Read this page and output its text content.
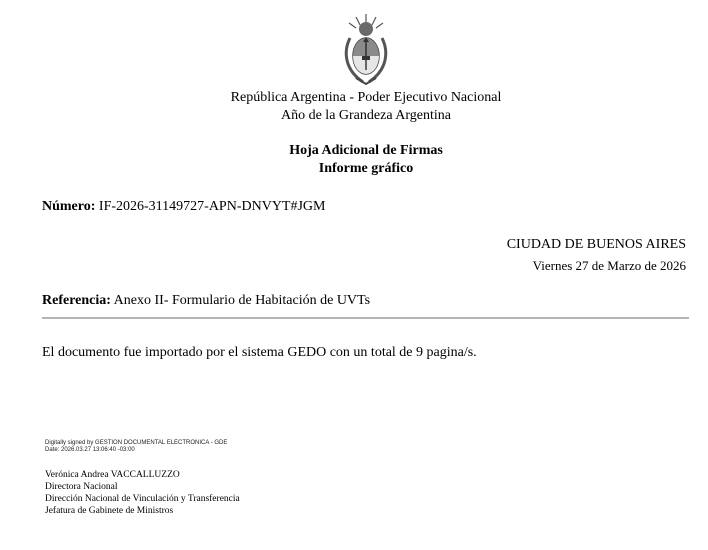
República Argentina - Poder Ejecutivo Nacional
Año de la Grandeza Argentina
Hoja Adicional de Firmas
Informe gráfico
Número: IF-2026-31149727-APN-DNVYT#JGM
CIUDAD DE BUENOS AIRES
Viernes 27 de Marzo de 2026
Referencia: Anexo II- Formulario de Habitación de UVTs
El documento fue importado por el sistema GEDO con un total de 9 pagina/s.
Digitally signed by GESTION DOCUMENTAL ELECTRONICA - GDE
Date: 2026.03.27 13:06:40 -03:00
Verónica Andrea VACCALLUZZO
Directora Nacional
Dirección Nacional de Vinculación y Transferencia
Jefatura de Gabinete de Ministros
